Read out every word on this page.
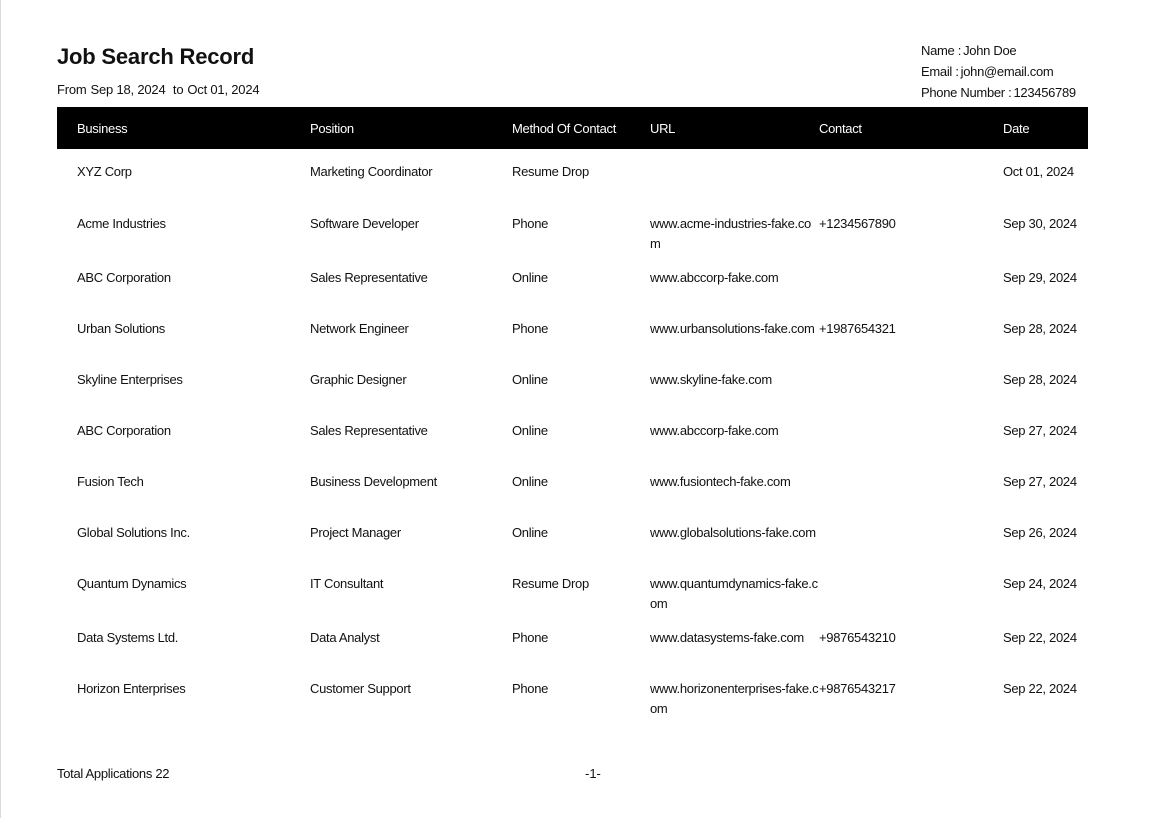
Job Search Record
From Sep 18, 2024 to Oct 01, 2024
Name : John Doe
Email : john@email.com
Phone Number : 123456789
Business	Position	Method Of Contact	URL	Contact	Date
XYZ Corp	Marketing Coordinator	Resume Drop			Oct 01, 2024
Acme Industries	Software Developer	Phone	www.acme-industries-fake.com	+1234567890	Sep 30, 2024
ABC Corporation	Sales Representative	Online	www.abccorp-fake.com		Sep 29, 2024
Urban Solutions	Network Engineer	Phone	www.urbansolutions-fake.com	+1987654321	Sep 28, 2024
Skyline Enterprises	Graphic Designer	Online	www.skyline-fake.com		Sep 28, 2024
ABC Corporation	Sales Representative	Online	www.abccorp-fake.com		Sep 27, 2024
Fusion Tech	Business Development	Online	www.fusiontech-fake.com		Sep 27, 2024
Global Solutions Inc.	Project Manager	Online	www.globalsolutions-fake.com		Sep 26, 2024
Quantum Dynamics	IT Consultant	Resume Drop	www.quantumdynamics-fake.com		Sep 24, 2024
Data Systems Ltd.	Data Analyst	Phone	www.datasystems-fake.com	+9876543210	Sep 22, 2024
Horizon Enterprises	Customer Support	Phone	www.horizonenterprises-fake.com	+9876543217	Sep 22, 2024
Total Applications 22	-1-
